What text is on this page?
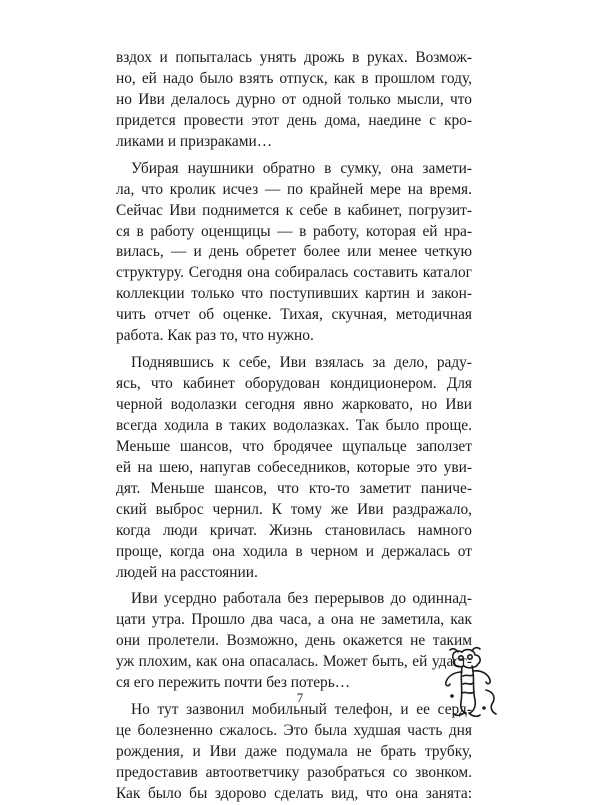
вздох и попыталась унять дрожь в руках. Возмож-
но, ей надо было взять отпуск, как в прошлом году,
но Иви делалось дурно от одной только мысли, что
придется провести этот день дома, наедине с кро-
ликами и призраками…
Убирая наушники обратно в сумку, она замети-
ла, что кролик исчез — по крайней мере на время.
Сейчас Иви поднимется к себе в кабинет, погрузит-
ся в работу оценщицы — в работу, которая ей нра-
вилась, — и день обретет более или менее четкую
структуру. Сегодня она собиралась составить каталог
коллекции только что поступивших картин и закон-
чить отчет об оценке. Тихая, скучная, методичная
работа. Как раз то, что нужно.
Поднявшись к себе, Иви взялась за дело, раду-
ясь, что кабинет оборудован кондиционером. Для
черной водолазки сегодня явно жарковато, но Иви
всегда ходила в таких водолазках. Так было проще.
Меньше шансов, что бродячее щупальце заползет
ей на шею, напугав собеседников, которые это уви-
дят. Меньше шансов, что кто-то заметит паниче-
ский выброс чернил. К тому же Иви раздражало,
когда люди кричат. Жизнь становилась намного
проще, когда она ходила в черном и держалась от
людей на расстоянии.
Иви усердно работала без перерывов до одиннад-
цати утра. Прошло два часа, а она не заметила, как
они пролетели. Возможно, день окажется не таким
уж плохим, как она опасалась. Может быть, ей удаст-
ся его пережить почти без потерь…
Но тут зазвонил мобильный телефон, и ее серд-
це болезненно сжалось. Это была худшая часть дня
рождения, и Иви даже подумала не брать трубку,
предоставив автоответчику разобраться со звонком.
Как было бы здорово сделать вид, что она занята:
7
